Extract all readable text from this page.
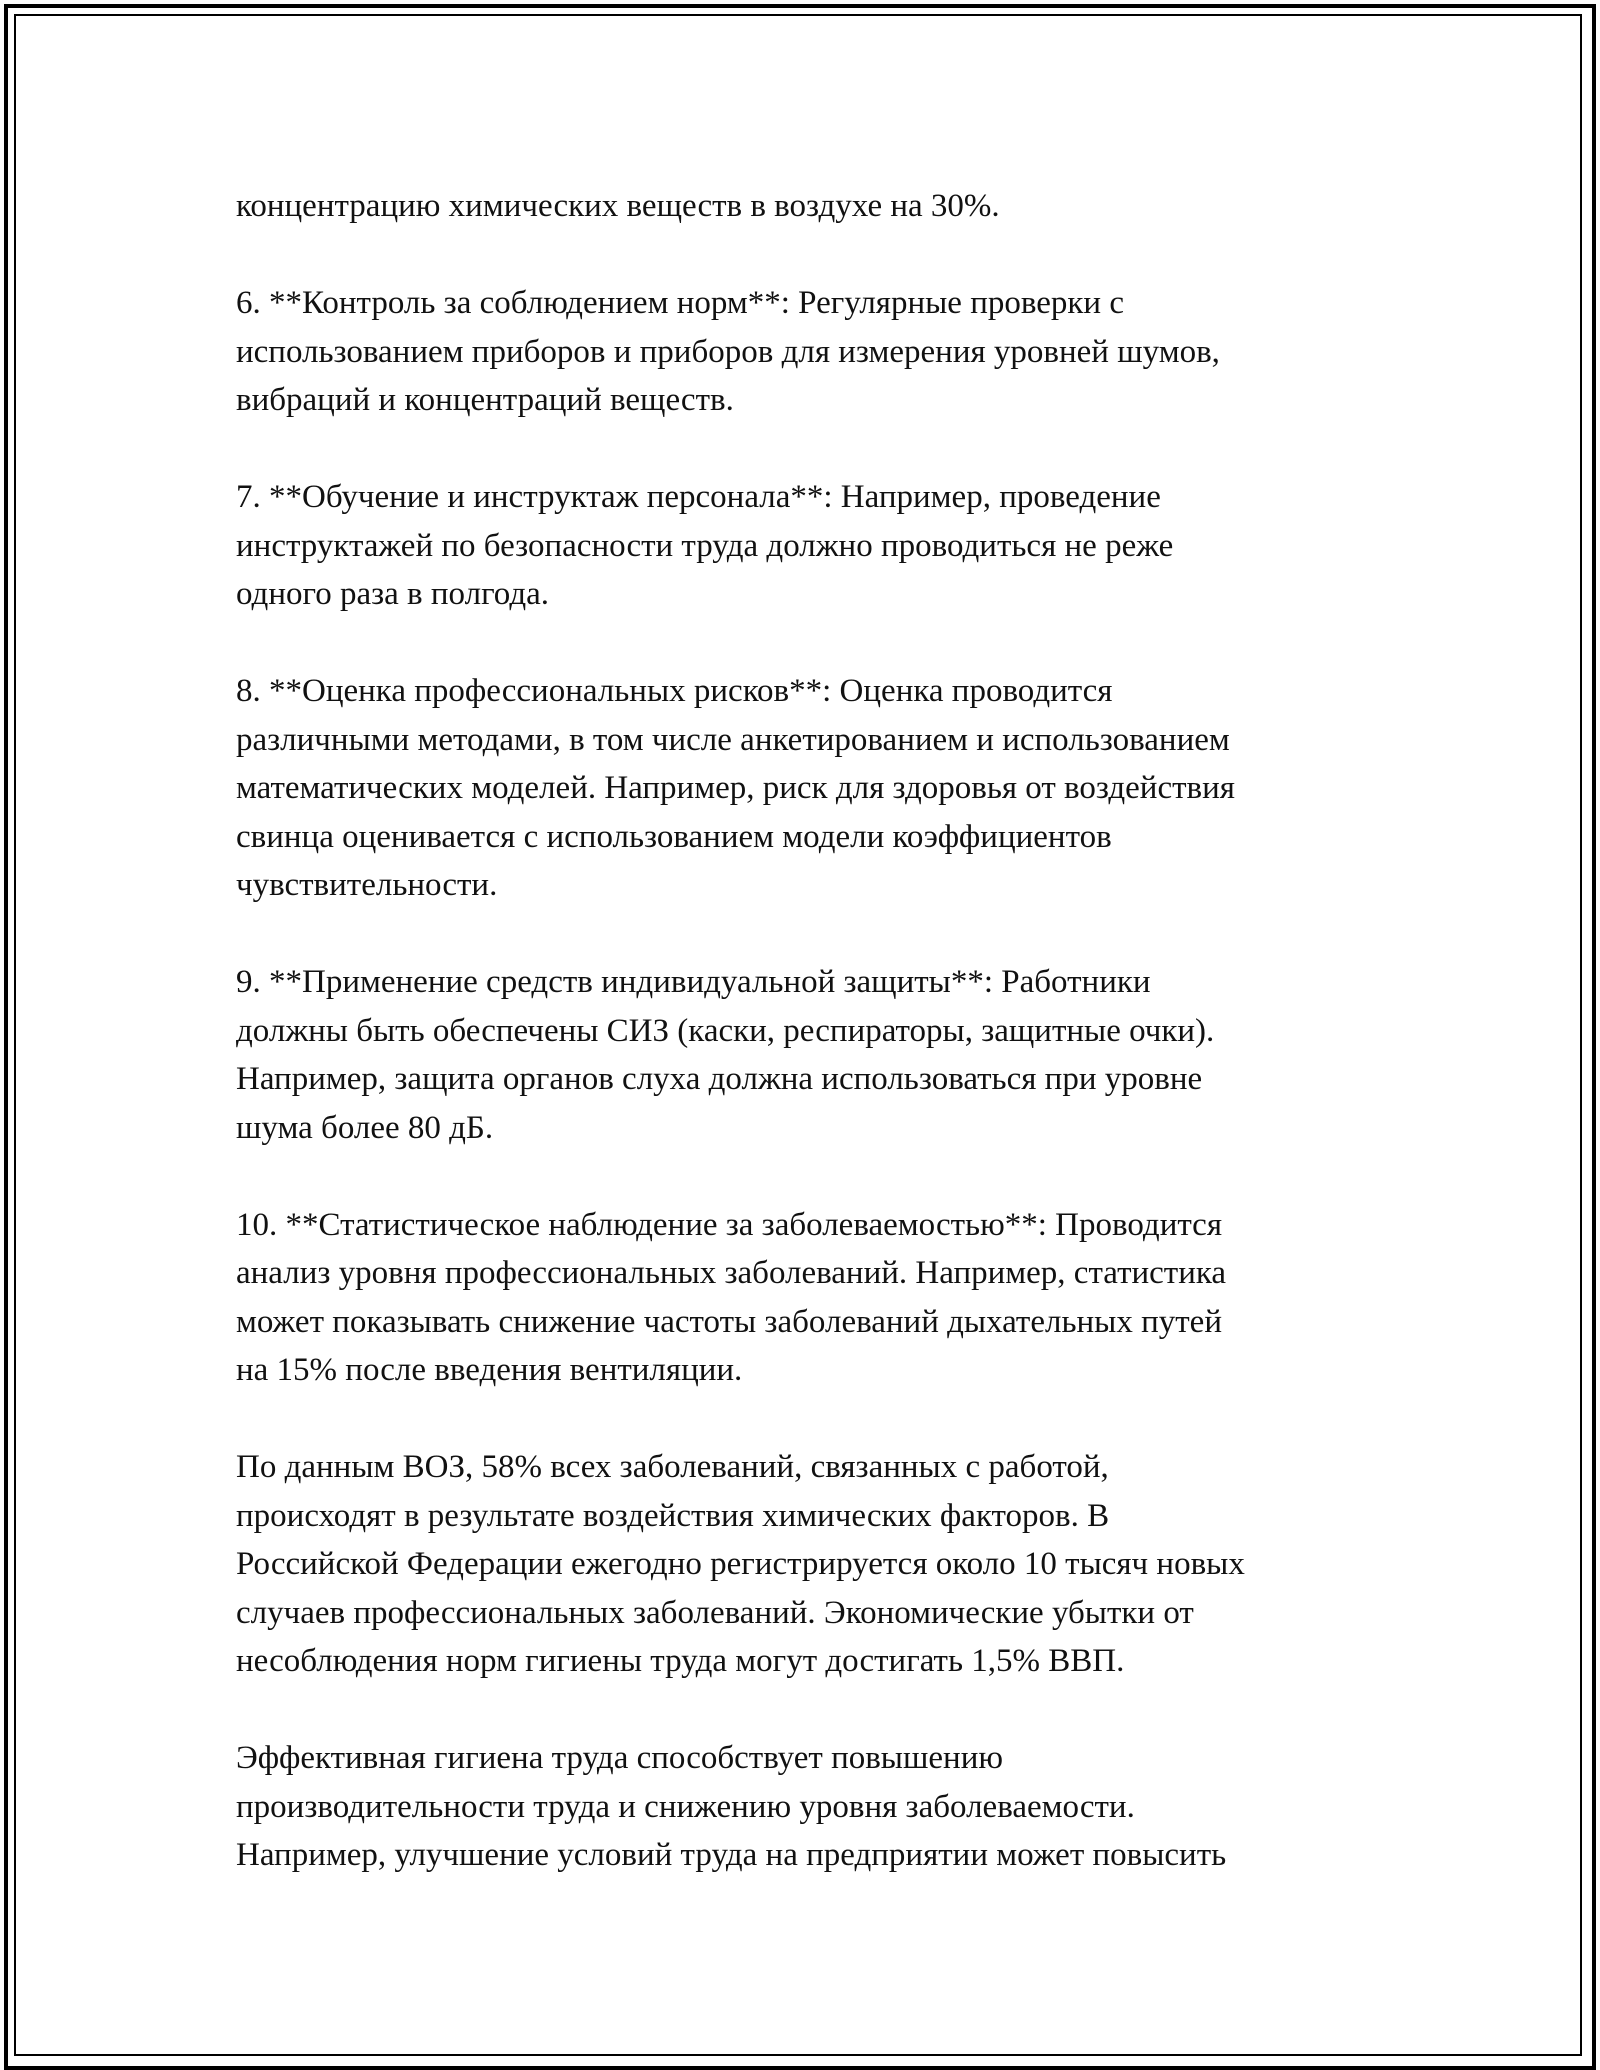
концентрацию химических веществ в воздухе на 30%.

6. **Контроль за соблюдением норм**: Регулярные проверки с
использованием приборов и приборов для измерения уровней шумов,
вибраций и концентраций веществ.

7. **Обучение и инструктаж персонала**: Например, проведение
инструктажей по безопасности труда должно проводиться не реже
одного раза в полгода.

8. **Оценка профессиональных рисков**: Оценка проводится
различными методами, в том числе анкетированием и использованием
математических моделей. Например, риск для здоровья от воздействия
свинца оценивается с использованием модели коэффициентов
чувствительности.

9. **Применение средств индивидуальной защиты**: Работники
должны быть обеспечены СИЗ (каски, респираторы, защитные очки).
Например, защита органов слуха должна использоваться при уровне
шума более 80 дБ.

10. **Статистическое наблюдение за заболеваемостью**: Проводится
анализ уровня профессиональных заболеваний. Например, статистика
может показывать снижение частоты заболеваний дыхательных путей
на 15% после введения вентиляции.

По данным ВОЗ, 58% всех заболеваний, связанных с работой,
происходят в результате воздействия химических факторов. В
Российской Федерации ежегодно регистрируется около 10 тысяч новых
случаев профессиональных заболеваний. Экономические убытки от
несоблюдения норм гигиены труда могут достигать 1,5% ВВП.

Эффективная гигиена труда способствует повышению
производительности труда и снижению уровня заболеваемости.
Например, улучшение условий труда на предприятии может повысить
